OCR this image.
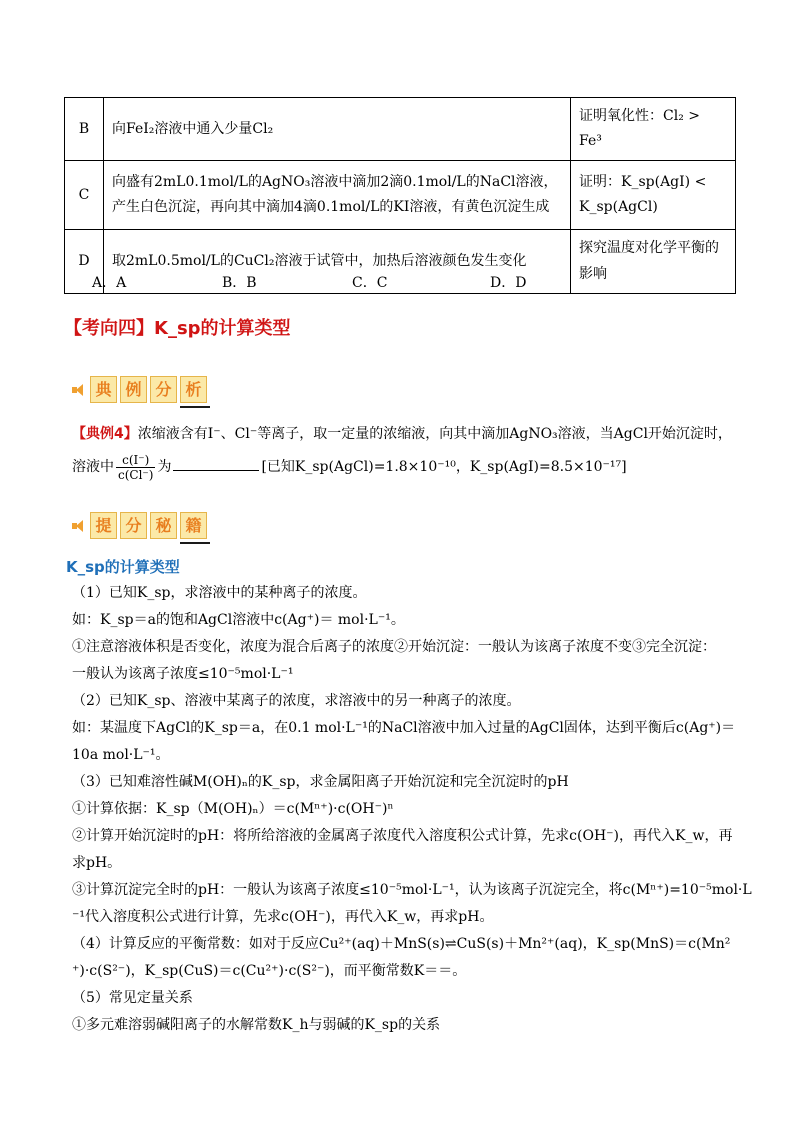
B	向FeI₂溶液中通入少量Cl₂	证明氧化性：Cl₂ > Fe³
C	向盛有2mL0.1mol/L的AgNO₃溶液中滴加2滴0.1mol/L的NaCl溶液，产生白色沉淀，再向其中滴加4滴0.1mol/L的KI溶液，有黄色沉淀生成	证明：K_sp(AgI) < K_sp(AgCl)
D	取2mL0.5mol/L的CuCl₂溶液于试管中，加热后溶液颜色发生变化	探究温度对化学平衡的影响
A．A	B．B	C．C	D．D
【考向四】K_sp的计算类型
典 例 分 析
【典例4】浓缩液含有I⁻、Cl⁻等离子，取一定量的浓缩液，向其中滴加AgNO₃溶液，当AgCl开始沉淀时，
溶液中 $\frac{c(I^-)}{c(Cl^-)}$ 为	[已知K_sp(AgCl)=1.8×10⁻¹⁰，K_sp(AgI)=8.5×10⁻¹⁷]
提 分 秘 籍
K_sp的计算类型
（1）已知K_sp，求溶液中的某种离子的浓度。
如：K_sp＝a的饱和AgCl溶液中c(Ag⁺)＝ mol·L⁻¹。
①注意溶液体积是否变化，浓度为混合后离子的浓度②开始沉淀：一般认为该离子浓度不变③完全沉淀：
一般认为该离子浓度≤10⁻⁵mol·L⁻¹
（2）已知K_sp、溶液中某离子的浓度，求溶液中的另一种离子的浓度。
如：某温度下AgCl的K_sp＝a，在0.1 mol·L⁻¹的NaCl溶液中加入过量的AgCl固体，达到平衡后c(Ag⁺)＝
10a mol·L⁻¹。
（3）已知难溶性碱M(OH)ₙ的K_sp，求金属阳离子开始沉淀和完全沉淀时的pH
①计算依据：K_sp（M(OH)ₙ）＝c(Mⁿ⁺)·c(OH⁻)ⁿ
②计算开始沉淀时的pH：将所给溶液的金属离子浓度代入溶度积公式计算，先求c(OH⁻)，再代入K_w，再
求pH。
③计算沉淀完全时的pH：一般认为该离子浓度≤10⁻⁵mol·L⁻¹，认为该离子沉淀完全，将c(Mⁿ⁺)=10⁻⁵mol·L
⁻¹代入溶度积公式进行计算，先求c(OH⁻)，再代入K_w，再求pH。
（4）计算反应的平衡常数：如对于反应Cu²⁺(aq)＋MnS(s)⇌CuS(s)＋Mn²⁺(aq)，K_sp(MnS)＝c(Mn²
⁺)·c(S²⁻)，K_sp(CuS)＝c(Cu²⁺)·c(S²⁻)，而平衡常数K＝＝。
（5）常见定量关系
①多元难溶弱碱阳离子的水解常数K_h与弱碱的K_sp的关系
